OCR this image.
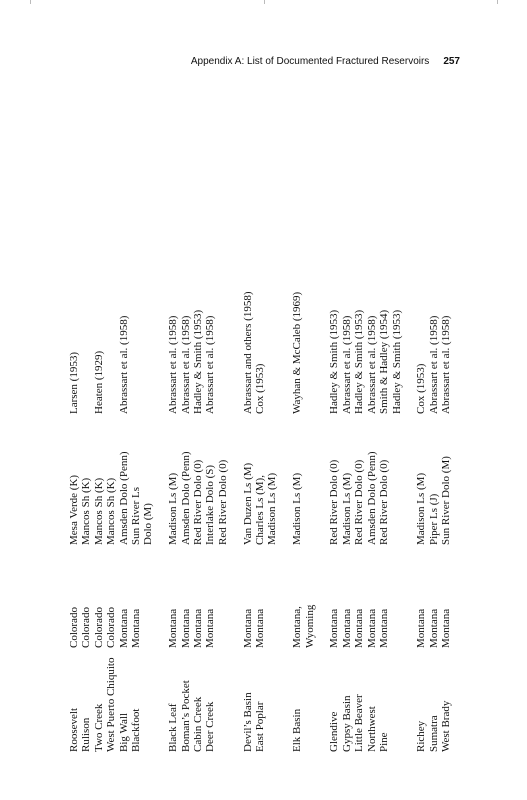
Appendix A: List of Documented Fractured Reservoirs 257
Roosevelt
Colorado
Mesa Verde (K)
Larsen (1953)
Rulison
Colorado
Mancos Sh (K)
Two Creek
Colorado
Mancos Sh (K)
Heaten (1929)
West Puerto Chiquito
Colorado
Mancos Sh (K)
Big Wall
Montana
Amsden Dolo (Penn)
Abrassart et al. (1958)
Blackfoot
Montana
Sun River Ls Dolo (M)
Black Leaf
Montana
Madison Ls (M)
Abrassart et al. (1958)
Boman’s Pocket
Montana
Amsden Dolo (Penn)
Abrassart et al. (1958)
Cabin Creek
Montana
Red River Dolo (0)
Hadley & Smith (1953)
Deer Creek
Montana
Interlake Dolo (S)
Abrassart et al. (1958)
Red River Dolo (0)
Devil’s Basin
Montana
Van Duzen Ls (M)
Abrassart and others (1958)
East Poplar
Montana
Charles Ls (M),
Cox (1953)
Madison Ls (M)
Elk Basin
Montana,
Madison Ls (M)
Wayhan & McCaleb (1969)
Wyoming
Glendive
Montana
Red River Dolo (0)
Hadley & Smith (1953)
Gypsy Basin
Montana
Madison Ls (M)
Abrassart et al. (1958)
Little Beaver
Montana
Red River Dolo (0)
Hadley & Smith (1953)
Northwest
Montana
Amsden Dolo (Penn)
Abrassart et al. (1958)
Pine
Montana
Red River Dolo (0)
Smith & Hadley (1954) Hadley & Smith (1953)
Richey
Montana
Madison Ls (M)
Cox (1953)
Sumatra
Montana
Piper Ls (J)
Abrassart et al. (1958)
West Brady
Montana
Sun River Dolo (M)
Abrassart et al. (1958)
